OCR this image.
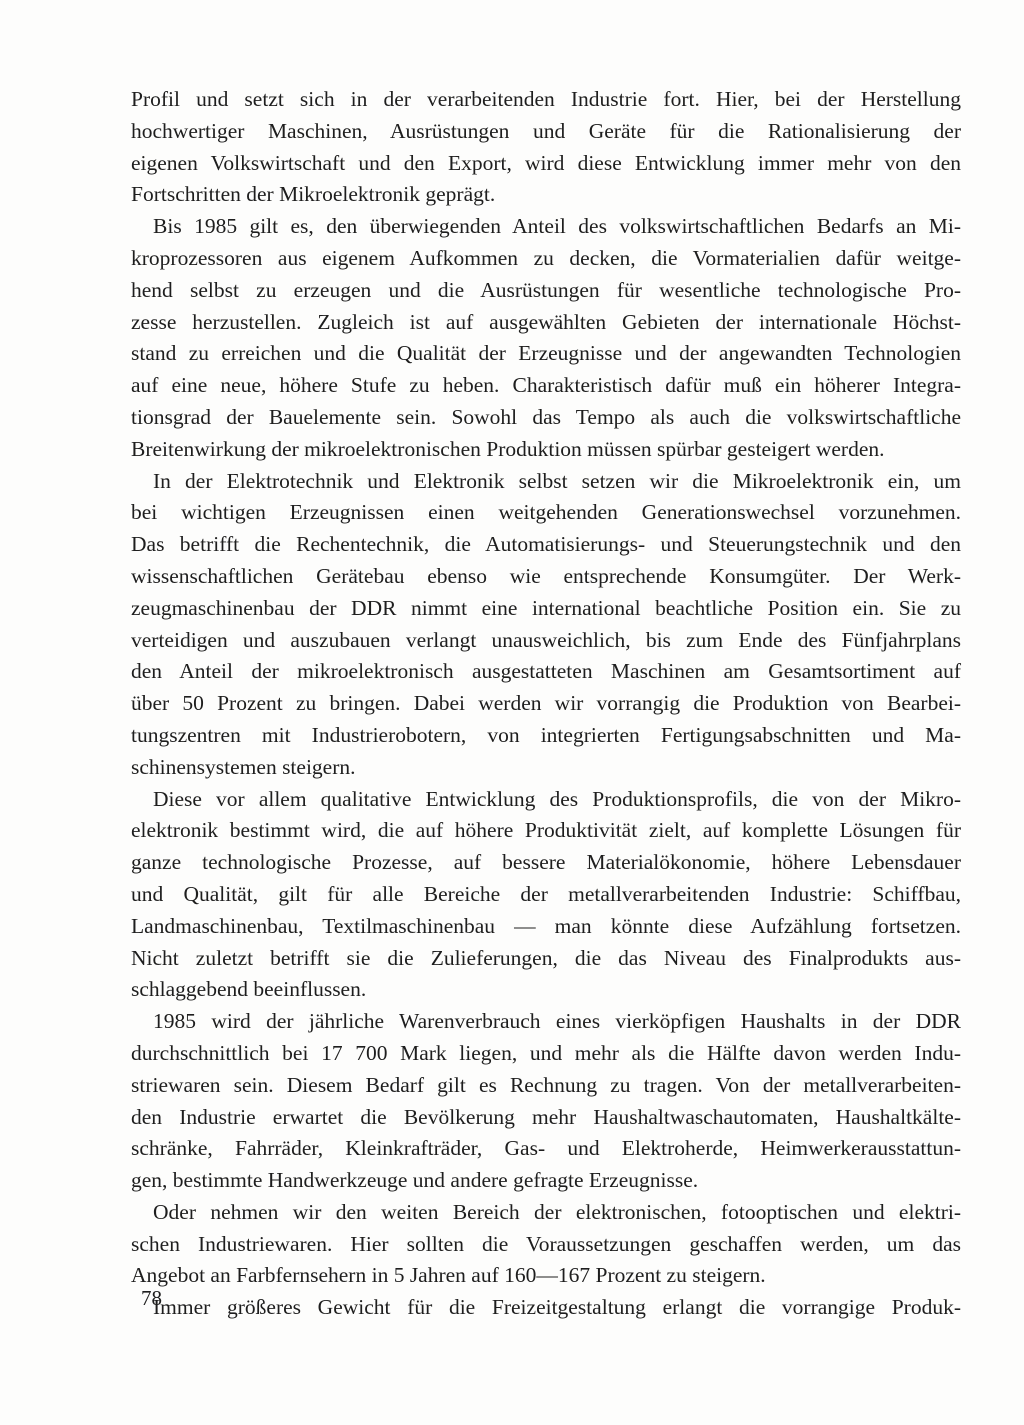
Profil und setzt sich in der verarbeitenden Industrie fort. Hier, bei der Herstellung
hochwertiger Maschinen, Ausrüstungen und Geräte für die Rationalisierung der
eigenen Volkswirtschaft und den Export, wird diese Entwicklung immer mehr von den
Fortschritten der Mikroelektronik geprägt.

Bis 1985 gilt es, den überwiegenden Anteil des volkswirtschaftlichen Bedarfs an Mi-
kroprozessoren aus eigenem Aufkommen zu decken, die Vormaterialien dafür weitge-
hend selbst zu erzeugen und die Ausrüstungen für wesentliche technologische Pro-
zesse herzustellen. Zugleich ist auf ausgewählten Gebieten der internationale Höchst-
stand zu erreichen und die Qualität der Erzeugnisse und der angewandten Technologien
auf eine neue, höhere Stufe zu heben. Charakteristisch dafür muß ein höherer Integra-
tionsgrad der Bauelemente sein. Sowohl das Tempo als auch die volkswirtschaftliche
Breitenwirkung der mikroelektronischen Produktion müssen spürbar gesteigert werden.

In der Elektrotechnik und Elektronik selbst setzen wir die Mikroelektronik ein, um
bei wichtigen Erzeugnissen einen weitgehenden Generationswechsel vorzunehmen.
Das betrifft die Rechentechnik, die Automatisierungs- und Steuerungstechnik und den
wissenschaftlichen Gerätebau ebenso wie entsprechende Konsumgüter. Der Werk-
zeugmaschinenbau der DDR nimmt eine international beachtliche Position ein. Sie zu
verteidigen und auszubauen verlangt unausweichlich, bis zum Ende des Fünfjahrplans
den Anteil der mikroelektronisch ausgestatteten Maschinen am Gesamtsortiment auf
über 50 Prozent zu bringen. Dabei werden wir vorrangig die Produktion von Bearbei-
tungszentren mit Industrierobotern, von integrierten Fertigungsabschnitten und Ma-
schinensystemen steigern.

Diese vor allem qualitative Entwicklung des Produktionsprofils, die von der Mikro-
elektronik bestimmt wird, die auf höhere Produktivität zielt, auf komplette Lösungen für
ganze technologische Prozesse, auf bessere Materialökonomie, höhere Lebensdauer
und Qualität, gilt für alle Bereiche der metallverarbeitenden Industrie: Schiffbau,
Landmaschinenbau, Textilmaschinenbau — man könnte diese Aufzählung fortsetzen.
Nicht zuletzt betrifft sie die Zulieferungen, die das Niveau des Finalprodukts aus-
schlaggebend beeinflussen.

1985 wird der jährliche Warenverbrauch eines vierköpfigen Haushalts in der DDR
durchschnittlich bei 17 700 Mark liegen, und mehr als die Hälfte davon werden Indu-
striewaren sein. Diesem Bedarf gilt es Rechnung zu tragen. Von der metallverarbeiten-
den Industrie erwartet die Bevölkerung mehr Haushaltwaschautomaten, Haushaltkälte-
schränke, Fahrräder, Kleinkrafträder, Gas- und Elektroherde, Heimwerkerausstattun-
gen, bestimmte Handwerkzeuge und andere gefragte Erzeugnisse.

Oder nehmen wir den weiten Bereich der elektronischen, fotooptischen und elektri-
schen Industriewaren. Hier sollten die Voraussetzungen geschaffen werden, um das
Angebot an Farbfernsehern in 5 Jahren auf 160—167 Prozent zu steigern.

Immer größeres Gewicht für die Freizeitgestaltung erlangt die vorrangige Produk-

78
